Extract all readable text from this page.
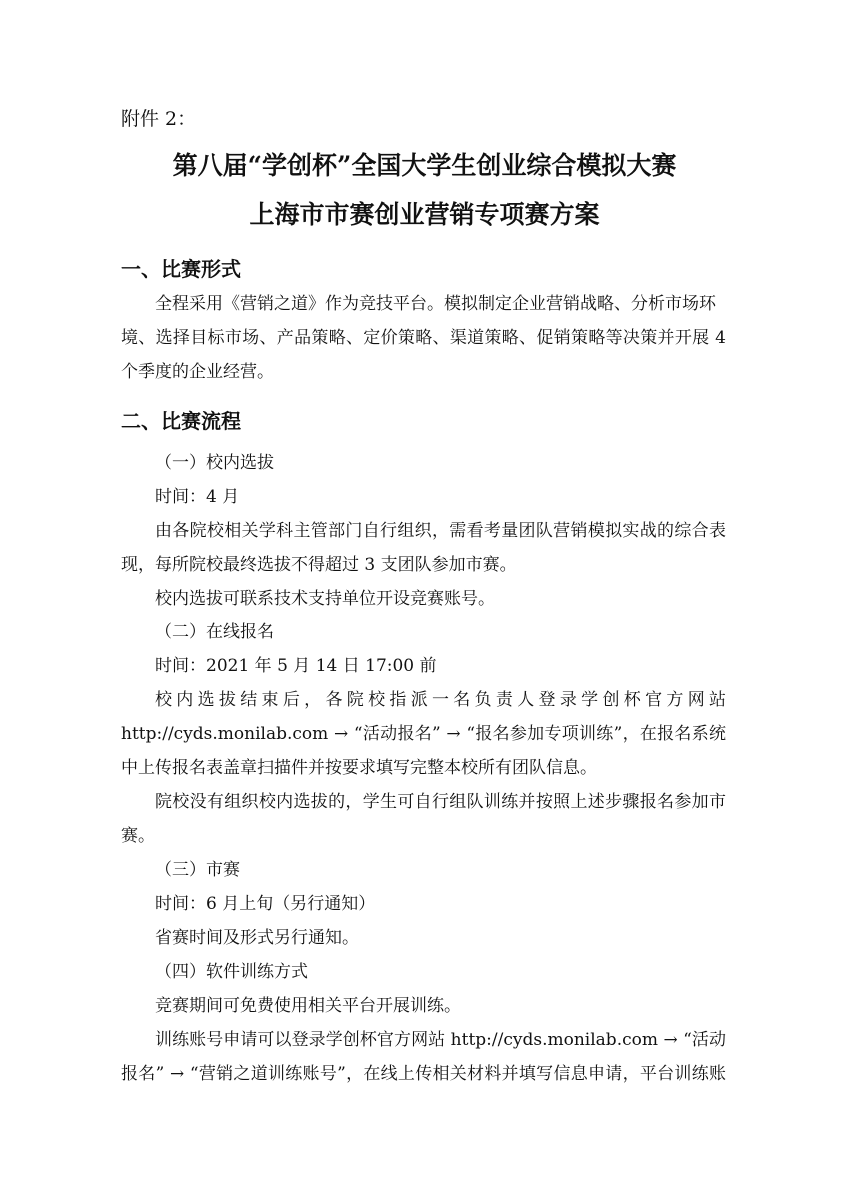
附件 2：
第八届“学创杯”全国大学生创业综合模拟大赛
上海市市赛创业营销专项赛方案
一、比赛形式
全程采用《营销之道》作为竞技平台。模拟制定企业营销战略、分析市场环
境、选择目标市场、产品策略、定价策略、渠道策略、促销策略等决策并开展 4
个季度的企业经营。
二、比赛流程
（一）校内选拔
时间：4 月
由各院校相关学科主管部门自行组织，需看考量团队营销模拟实战的综合表
现，每所院校最终选拔不得超过 3 支团队参加市赛。
校内选拔可联系技术支持单位开设竞赛账号。
（二）在线报名
时间：2021 年 5 月 14 日 17:00 前
校内选拔结束后，各院校指派一名负责人登录学创杯官方网站
http://cyds.monilab.com → “活动报名” → “报名参加专项训练”，在报名系统
中上传报名表盖章扫描件并按要求填写完整本校所有团队信息。
院校没有组织校内选拔的，学生可自行组队训练并按照上述步骤报名参加市
赛。
（三）市赛
时间：6 月上旬（另行通知）
省赛时间及形式另行通知。
（四）软件训练方式
竞赛期间可免费使用相关平台开展训练。
训练账号申请可以登录学创杯官方网站 http://cyds.monilab.com → “活动
报名” → “营销之道训练账号”，在线上传相关材料并填写信息申请，平台训练账
